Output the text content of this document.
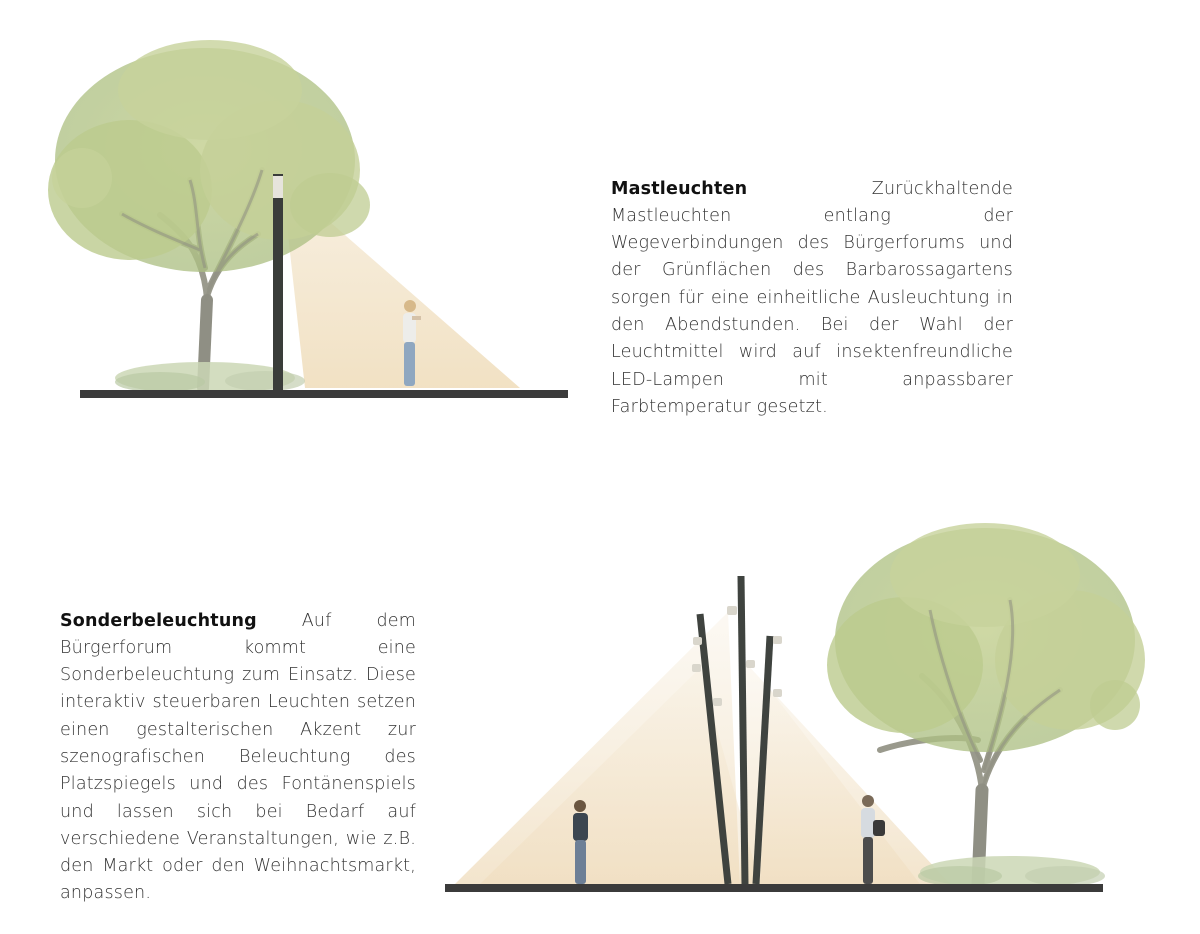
Mastleuchten	Zurückhaltende Mastleuchten entlang der Wegeverbindungen des Bürgerforums und der Grünflächen des Barbarossagartens sorgen für eine einheitliche Ausleuchtung in den Abendstunden. Bei der Wahl der Leuchtmittel wird auf insektenfreundliche LED-Lampen mit anpassbarer Farbtemperatur gesetzt.

Sonderbeleuchtung	Auf dem Bürgerforum kommt eine Sonderbeleuchtung zum Einsatz. Diese interaktiv steuerbaren Leuchten setzen einen gestalterischen Akzent zur szenografischen Beleuchtung des Platzspiegels und des Fontänenspiels und lassen sich bei Bedarf auf verschiedene Veranstaltungen, wie z.B. den Markt oder den Weihnachtsmarkt, anpassen.
